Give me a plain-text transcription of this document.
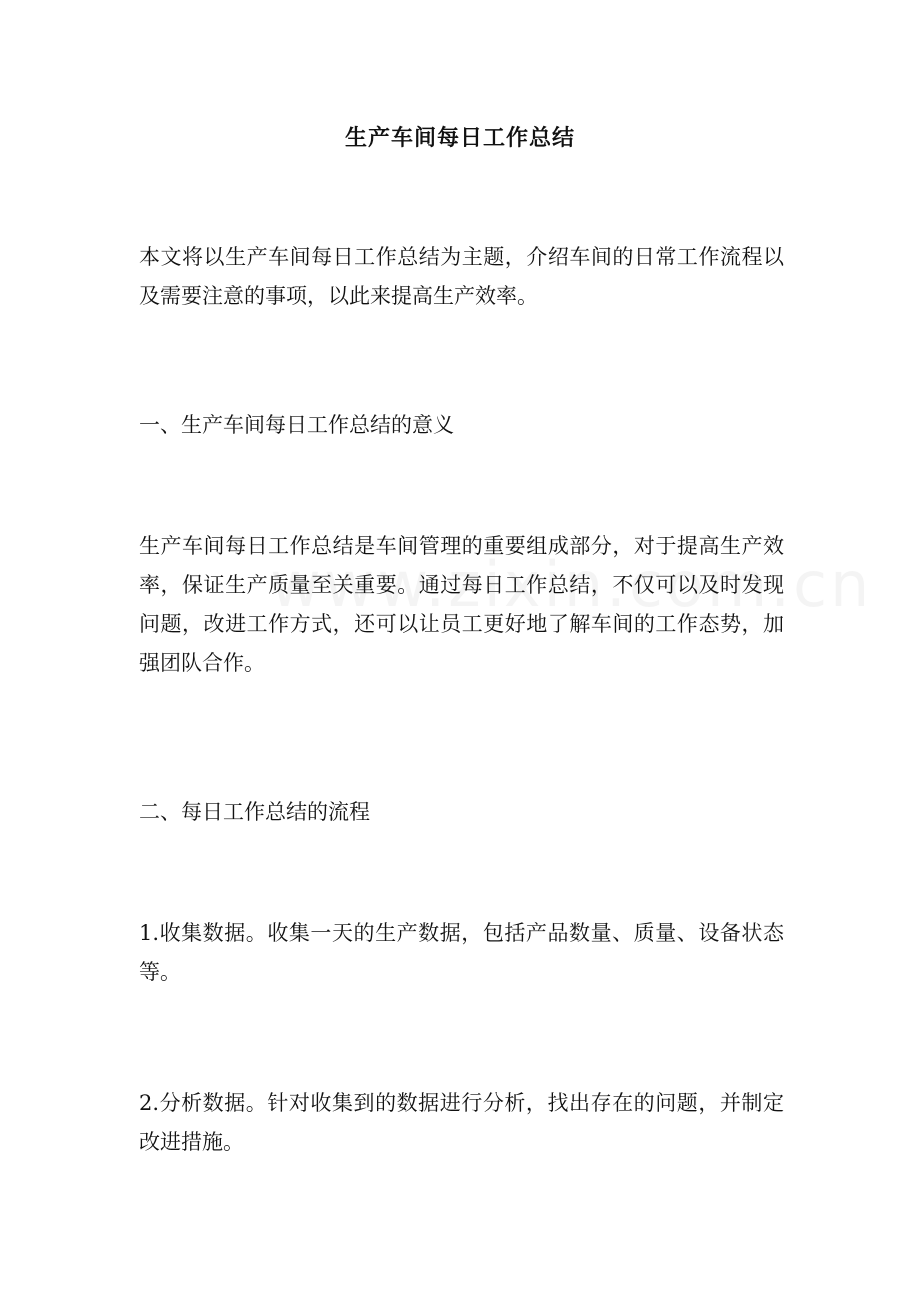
生产车间每日工作总结

本文将以生产车间每日工作总结为主题，介绍车间的日常工作流程以及需要注意的事项，以此来提高生产效率。

一、生产车间每日工作总结的意义

生产车间每日工作总结是车间管理的重要组成部分，对于提高生产效率，保证生产质量至关重要。通过每日工作总结，不仅可以及时发现问题，改进工作方式，还可以让员工更好地了解车间的工作态势，加强团队合作。

二、每日工作总结的流程

1.收集数据。收集一天的生产数据，包括产品数量、质量、设备状态等。

2.分析数据。针对收集到的数据进行分析，找出存在的问题，并制定改进措施。
